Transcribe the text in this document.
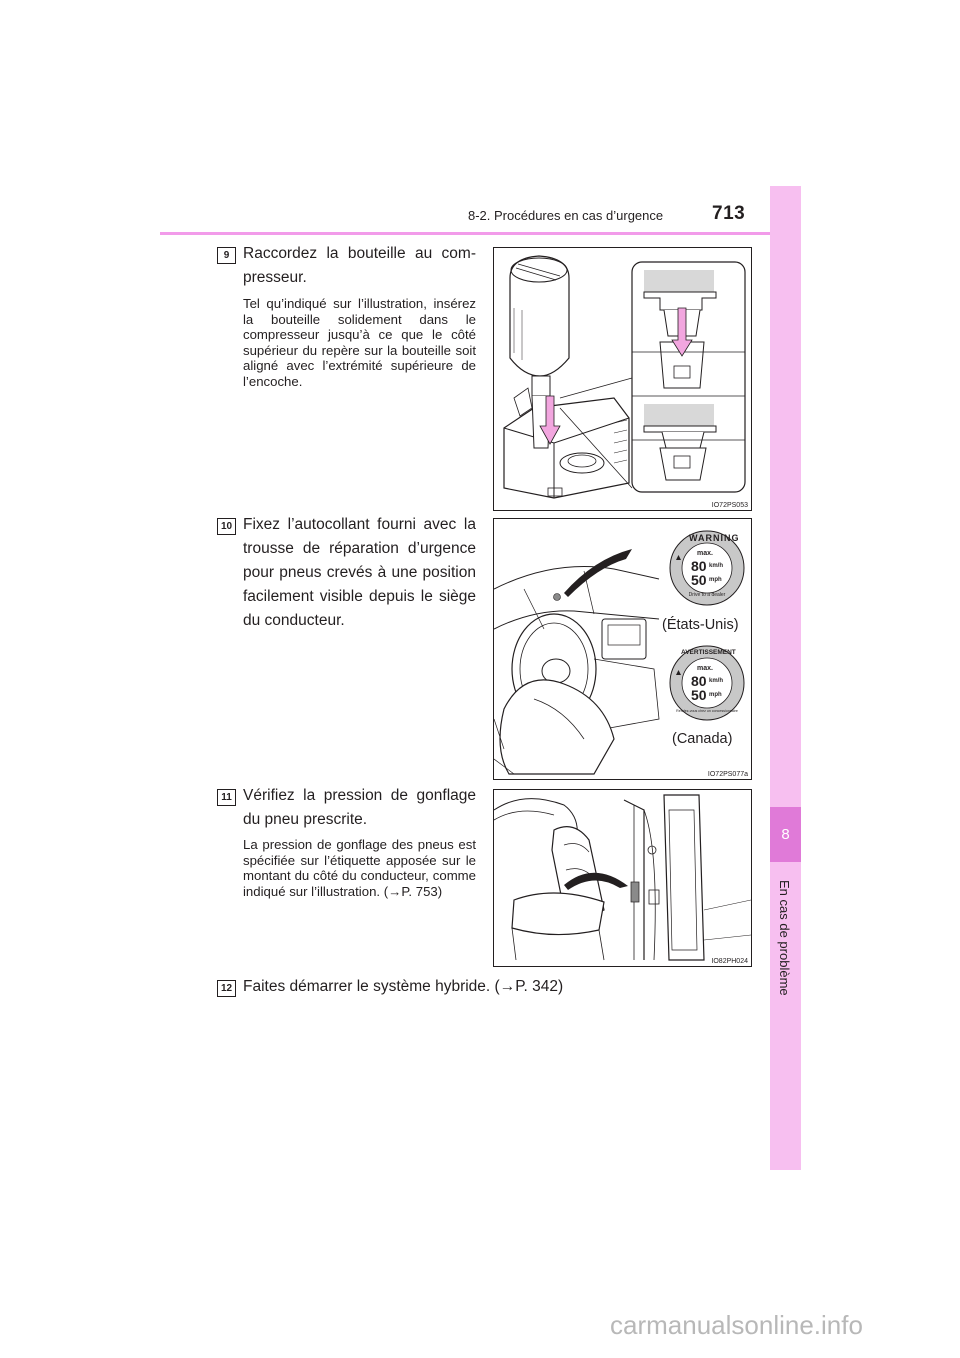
8-2. Procédures en cas d’urgence	713
8
En cas de problème
9 Raccordez la bouteille au com-presseur.
Tel qu’indiqué sur l’illustration, insérez la bouteille solidement dans le compresseur jusqu’à ce que le côté supérieur du repère sur la bouteille soit aligné avec l’extrémité supérieure de l’encoche.
IO72PS053
10 Fixez l’autocollant fourni avec la trousse de réparation d’urgence pour pneus crevés à une position facilement visible depuis le siège du conducteur.
WARNING
Drive to a dealer
max.
80 km/h
50 mph
(États-Unis)
AVERTISSEMENT
Rendez-vous chez un concessionnaire
max.
80 km/h
50 mph
(Canada)
IO72PS077a
11 Vérifiez la pression de gonflage du pneu prescrite.
La pression de gonflage des pneus est spécifiée sur l’étiquette apposée sur le montant du côté du conducteur, comme indiqué sur l’illustration. (→P. 753)
IO82PH024
12 Faites démarrer le système hybride. (→P. 342)
carmanualsonline.info
